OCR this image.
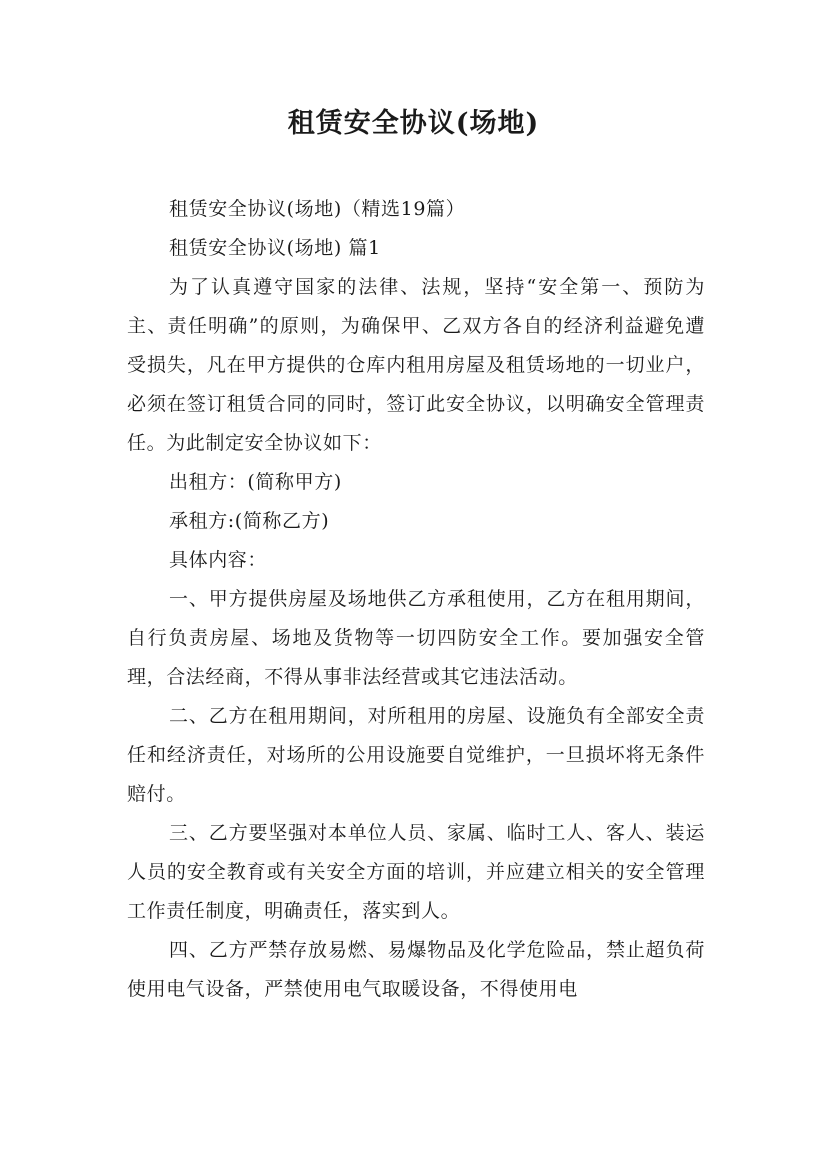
租赁安全协议(场地)

租赁安全协议(场地)（精选19篇）

租赁安全协议(场地) 篇1

为了认真遵守国家的法律、法规，坚持“安全第一、预防为主、责任明确”的原则，为确保甲、乙双方各自的经济利益避免遭受损失，凡在甲方提供的仓库内租用房屋及租赁场地的一切业户，必须在签订租赁合同的同时，签订此安全协议，以明确安全管理责任。为此制定安全协议如下：

出租方：(简称甲方)

承租方:(简称乙方)

具体内容：

一、甲方提供房屋及场地供乙方承租使用，乙方在租用期间，自行负责房屋、场地及货物等一切四防安全工作。要加强安全管理，合法经商，不得从事非法经营或其它违法活动。

二、乙方在租用期间，对所租用的房屋、设施负有全部安全责任和经济责任，对场所的公用设施要自觉维护，一旦损坏将无条件赔付。

三、乙方要坚强对本单位人员、家属、临时工人、客人、装运人员的安全教育或有关安全方面的培训，并应建立相关的安全管理工作责任制度，明确责任，落实到人。

四、乙方严禁存放易燃、易爆物品及化学危险品，禁止超负荷使用电气设备，严禁使用电气取暖设备，不得使用电
